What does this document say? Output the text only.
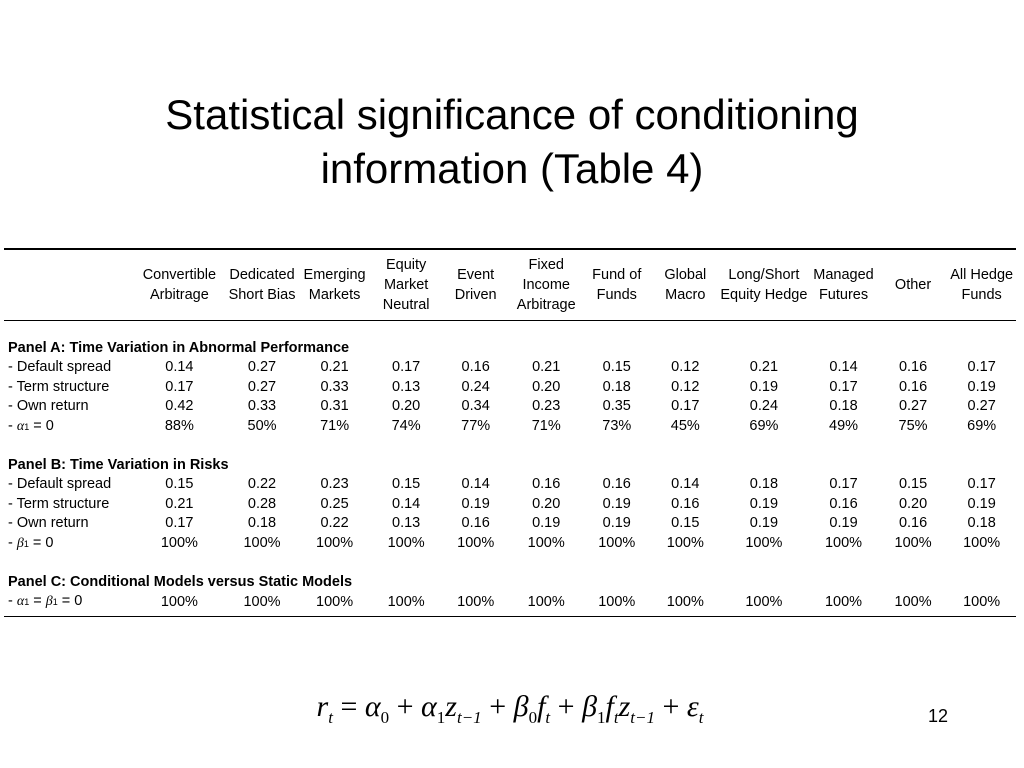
Statistical significance of conditioning
information (Table 4)
	Convertible Arbitrage	Dedicated Short Bias	Emerging Markets	Equity Market Neutral	Event Driven	Fixed Income Arbitrage	Fund of Funds	Global Macro	Long/Short Equity Hedge	Managed Futures	Other	All Hedge Funds

Panel A: Time Variation in Abnormal Performance												
- Default spread	0.14	0.27	0.21	0.17	0.16	0.21	0.15	0.12	0.21	0.14	0.16	0.17
- Term structure	0.17	0.27	0.33	0.13	0.24	0.20	0.18	0.12	0.19	0.17	0.16	0.19
- Own return	0.42	0.33	0.31	0.20	0.34	0.23	0.35	0.17	0.24	0.18	0.27	0.27
- α1 = 0	88%	50%	71%	74%	77%	71%	73%	45%	69%	49%	75%	69%

Panel B: Time Variation in Risks												
- Default spread	0.15	0.22	0.23	0.15	0.14	0.16	0.16	0.14	0.18	0.17	0.15	0.17
- Term structure	0.21	0.28	0.25	0.14	0.19	0.20	0.19	0.16	0.19	0.16	0.20	0.19
- Own return	0.17	0.18	0.22	0.13	0.16	0.19	0.19	0.15	0.19	0.19	0.16	0.18
- β1 = 0	100%	100%	100%	100%	100%	100%	100%	100%	100%	100%	100%	100%

Panel C: Conditional Models versus Static Models												
- α1 = β1 = 0	100%	100%	100%	100%	100%	100%	100%	100%	100%	100%	100%	100%
$r_t = \alpha_0 + \alpha_1z_{t-1} + \beta_0f_t + \beta_1f_tz_{t-1} + \varepsilon_t$	12
